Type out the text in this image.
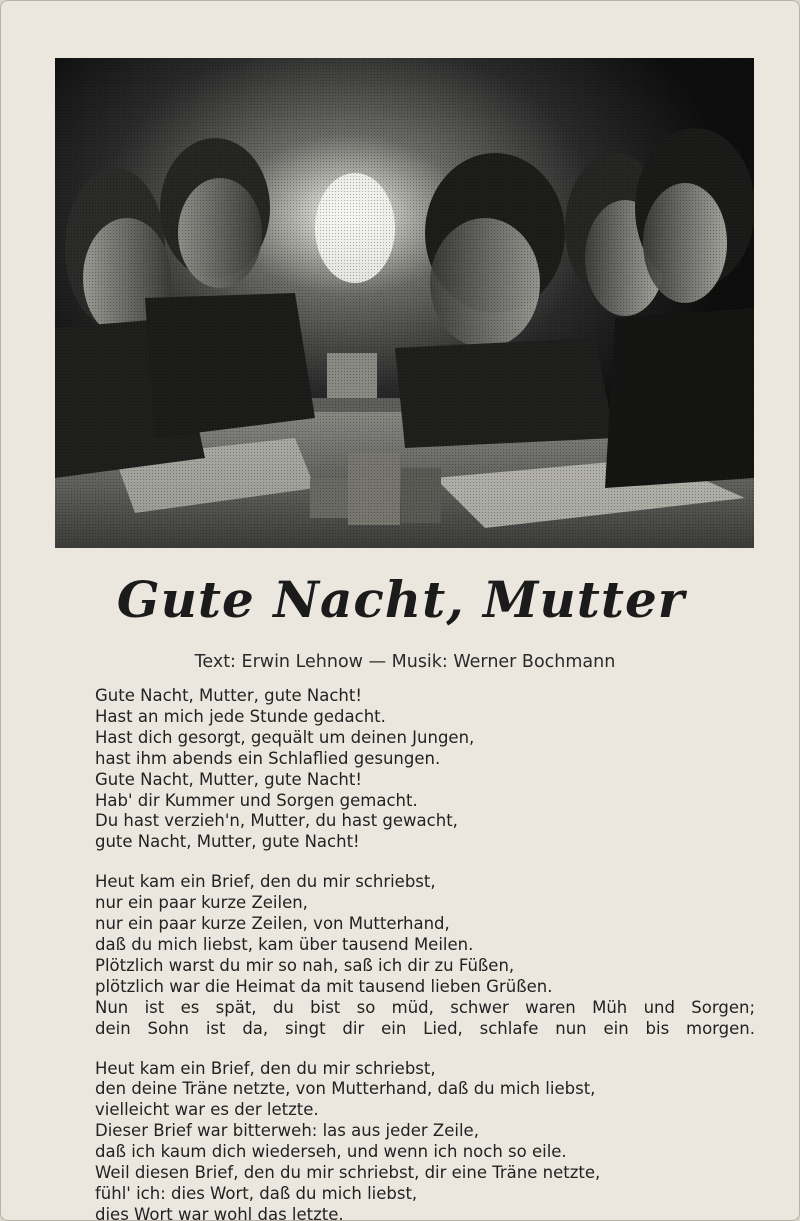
Gute Nacht, Mutter
Text: Erwin Lehnow — Musik: Werner Bochmann
Gute Nacht, Mutter, gute Nacht!
Hast an mich jede Stunde gedacht.
Hast dich gesorgt, gequält um deinen Jungen,
hast ihm abends ein Schlaflied gesungen.
Gute Nacht, Mutter, gute Nacht!
Hab' dir Kummer und Sorgen gemacht.
Du hast verzieh'n, Mutter, du hast gewacht,
gute Nacht, Mutter, gute Nacht!
Heut kam ein Brief, den du mir schriebst,
nur ein paar kurze Zeilen,
nur ein paar kurze Zeilen, von Mutterhand,
daß du mich liebst, kam über tausend Meilen.
Plötzlich warst du mir so nah, saß ich dir zu Füßen,
plötzlich war die Heimat da mit tausend lieben Grüßen.
Nun ist es spät, du bist so müd, schwer waren Müh und Sorgen;
dein Sohn ist da, singt dir ein Lied, schlafe nun ein bis morgen.
Heut kam ein Brief, den du mir schriebst,
den deine Träne netzte, von Mutterhand, daß du mich liebst,
vielleicht war es der letzte.
Dieser Brief war bitterweh: las aus jeder Zeile,
daß ich kaum dich wiederseh, und wenn ich noch so eile.
Weil diesen Brief, den du mir schriebst, dir eine Träne netzte,
fühl' ich: dies Wort, daß du mich liebst,
dies Wort war wohl das letzte.
